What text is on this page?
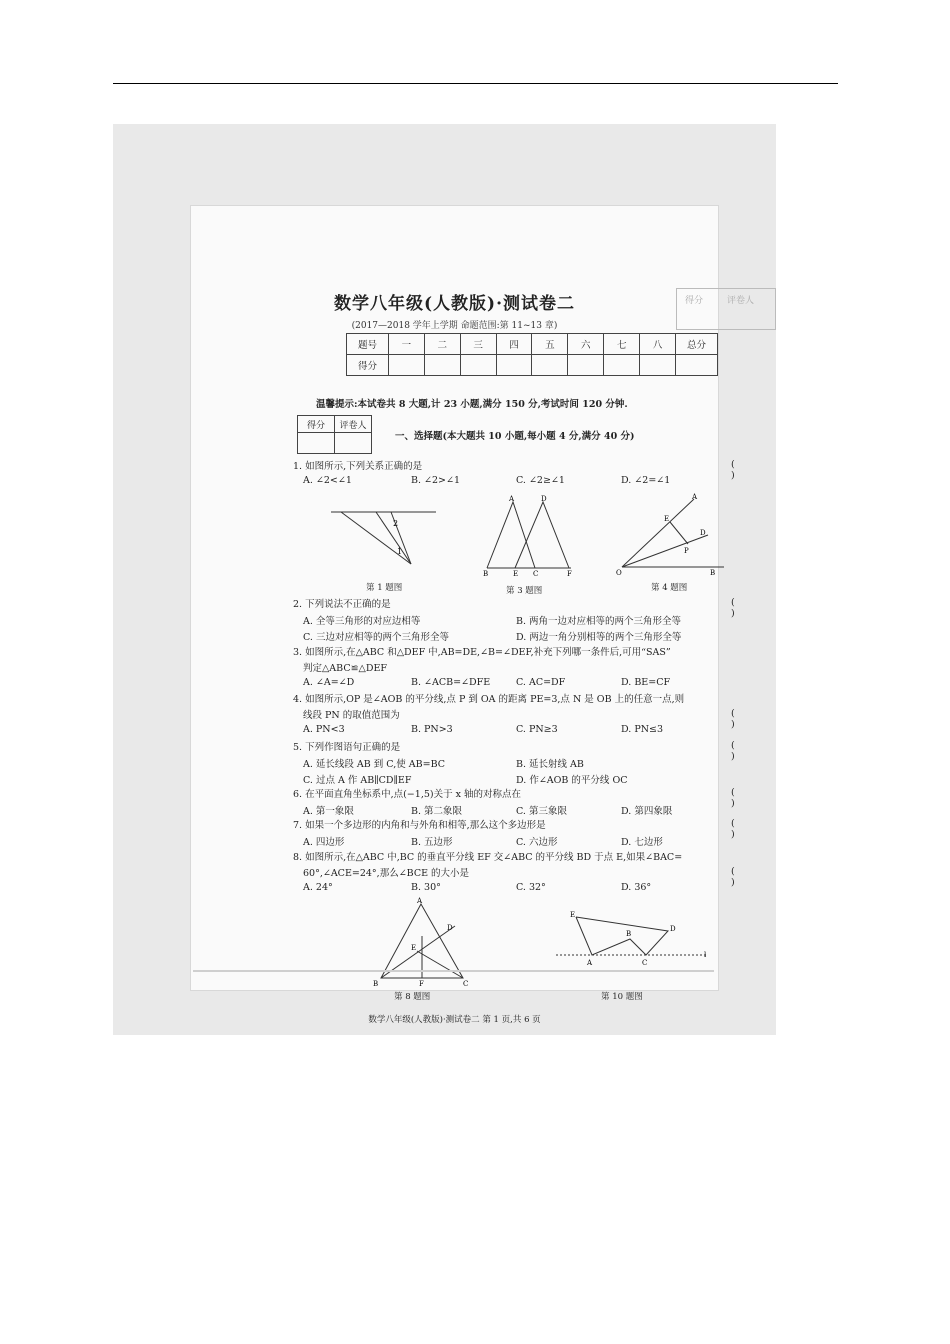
得分	评卷人
数学八年级(人教版)·测试卷二
(2017—2018 学年上学期 命题范围:第 11~13 章)
题号	一	二	三	四	五	六	七	八	总分
得分									
温馨提示:本试卷共 8 大题,计 23 小题,满分 150 分,考试时间 120 分钟.
得分	评卷人

一、选择题(本大题共 10 小题,每小题 4 分,满分 40 分)
1. 如图所示,下列关系正确的是	( )
A. ∠2<∠1	B. ∠2>∠1	C. ∠2≥∠1	D. ∠2=∠1
2
1
第 1 题图
A	D
B	E C	F
第 3 题图
A
E
D
P
O	B
第 4 题图
2. 下列说法不正确的是	( )
A. 全等三角形的对应边相等	B. 两角一边对应相等的两个三角形全等
C. 三边对应相等的两个三角形全等	D. 两边一角分别相等的两个三角形全等
3. 如图所示,在△ABC 和△DEF 中,AB=DE,∠B=∠DEF,补充下列哪一条件后,可用“SAS”
判定△ABC≌△DEF
A. ∠A=∠D	B. ∠ACB=∠DFE	C. AC=DF	D. BE=CF
4. 如图所示,OP 是∠AOB 的平分线,点 P 到 OA 的距离 PE=3,点 N 是 OB 上的任意一点,则
线段 PN 的取值范围为	( )
A. PN<3	B. PN>3	C. PN≥3	D. PN≤3
5. 下列作图语句正确的是	( )
A. 延长线段 AB 到 C,使 AB=BC	B. 延长射线 AB
C. 过点 A 作 AB∥CD∥EF	D. 作∠AOB 的平分线 OC
6. 在平面直角坐标系中,点(−1,5)关于 x 轴的对称点在	( )
A. 第一象限	B. 第二象限	C. 第三象限	D. 第四象限
7. 如果一个多边形的内角和与外角和相等,那么这个多边形是	( )
A. 四边形	B. 五边形	C. 六边形	D. 七边形
8. 如图所示,在△ABC 中,BC 的垂直平分线 EF 交∠ABC 的平分线 BD 于点 E,如果∠BAC=
60°,∠ACE=24°,那么∠BCE 的大小是	( )
A. 24°	B. 30°	C. 32°	D. 36°
A
E
D
B	F	C
第 8 题图
E
A
B
C
D
l
第 10 题图
数学八年级(人教版)·测试卷二 第 1 页,共 6 页
